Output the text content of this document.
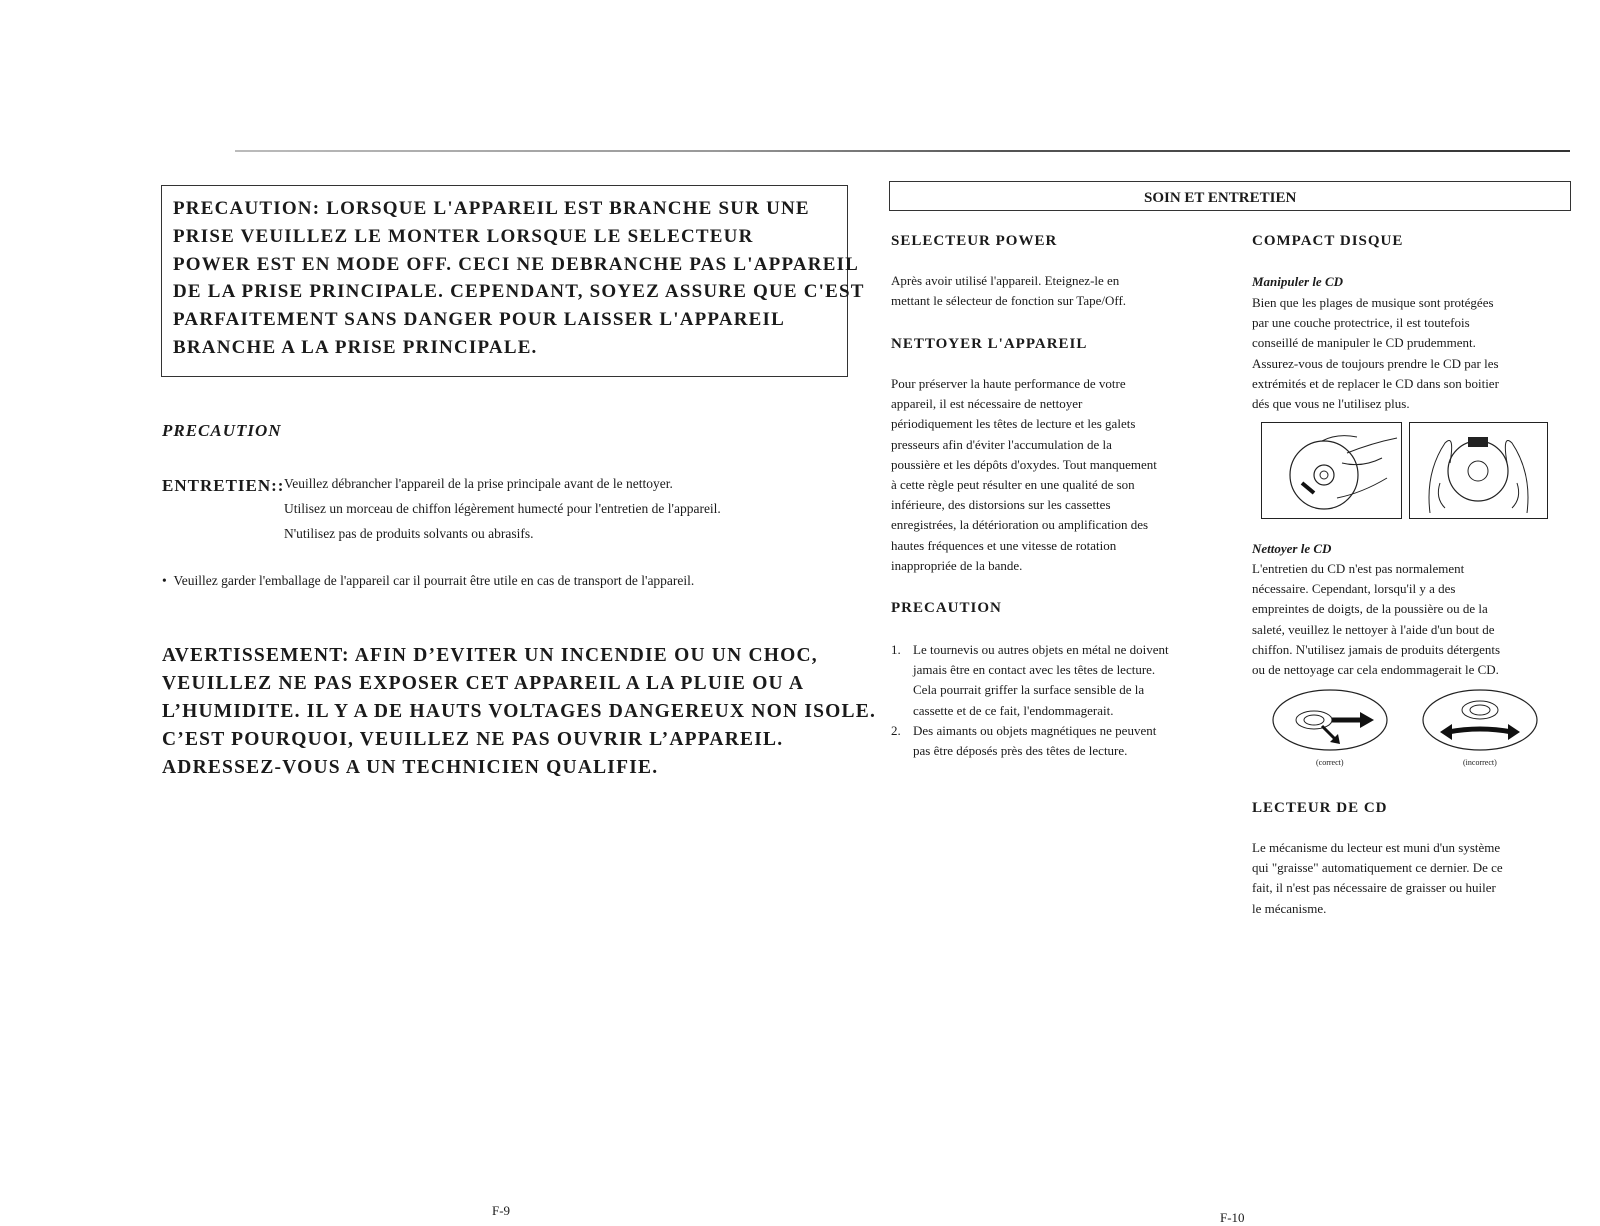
PRECAUTION: LORSQUE L'APPAREIL EST BRANCHE SUR UNE
PRISE VEUILLEZ LE MONTER LORSQUE LE SELECTEUR
POWER EST EN MODE OFF. CECI NE DEBRANCHE PAS L'APPAREIL
DE LA PRISE PRINCIPALE. CEPENDANT, SOYEZ ASSURE QUE C'EST
PARFAITEMENT SANS DANGER POUR LAISSER L'APPAREIL
BRANCHE A LA PRISE PRINCIPALE.
PRECAUTION
ENTRETIEN:: Veuillez débrancher l'appareil de la prise principale avant de le nettoyer.
Utilisez un morceau de chiffon légèrement humecté pour l'entretien de l'appareil.
N'utilisez pas de produits solvants ou abrasifs.
•  Veuillez garder l'emballage de l'appareil car il pourrait être utile en cas de transport de l'appareil.
AVERTISSEMENT: AFIN D’EVITER UN INCENDIE OU UN CHOC,
VEUILLEZ NE PAS EXPOSER CET APPAREIL A LA PLUIE OU A
L’HUMIDITE. IL Y A DE HAUTS VOLTAGES DANGEREUX NON ISOLE.
C’EST POURQUOI, VEUILLEZ NE PAS OUVRIR L’APPAREIL.
ADRESSEZ-VOUS A UN TECHNICIEN QUALIFIE.
F-9
SOIN ET ENTRETIEN
SELECTEUR POWER
Après avoir utilisé l'appareil. Eteignez-le en
mettant le sélecteur de fonction sur Tape/Off.
NETTOYER L'APPAREIL
Pour préserver la haute performance de votre
appareil, il est nécessaire de nettoyer
périodiquement les têtes de lecture et les galets
presseurs afin d'éviter l'accumulation de la
poussière et les dépôts d'oxydes. Tout manquement
à cette règle peut résulter en une qualité de son
inférieure, des distorsions sur les cassettes
enregistrées, la détérioration ou amplification des
hautes fréquences et une vitesse de rotation
inappropriée de la bande.
PRECAUTION
1. Le tournevis ou autres objets en métal ne doivent
jamais être en contact avec les têtes de lecture.
Cela pourrait griffer la surface sensible de la
cassette et de ce fait, l'endommagerait.
2. Des aimants ou objets magnétiques ne peuvent
pas être déposés près des têtes de lecture.
COMPACT DISQUE
Manipuler le CD
Bien que les plages de musique sont protégées
par une couche protectrice, il est toutefois
conseillé de manipuler le CD prudemment.
Assurez-vous de toujours prendre le CD par les
extrémités et de replacer le CD dans son boitier
dés que vous ne l'utilisez plus.
Nettoyer le CD
L'entretien du CD n'est pas normalement
nécessaire. Cependant, lorsqu'il y a des
empreintes de doigts, de la poussière ou de la
saleté, veuillez le nettoyer à l'aide d'un bout de
chiffon. N'utilisez jamais de produits détergents
ou de nettoyage car cela endommagerait le CD.
(correct)	(incorrect)
LECTEUR DE CD
Le mécanisme du lecteur est muni d'un système
qui "graisse" automatiquement ce dernier. De ce
fait, il n'est pas nécessaire de graisser ou huiler
le mécanisme.
F-10
